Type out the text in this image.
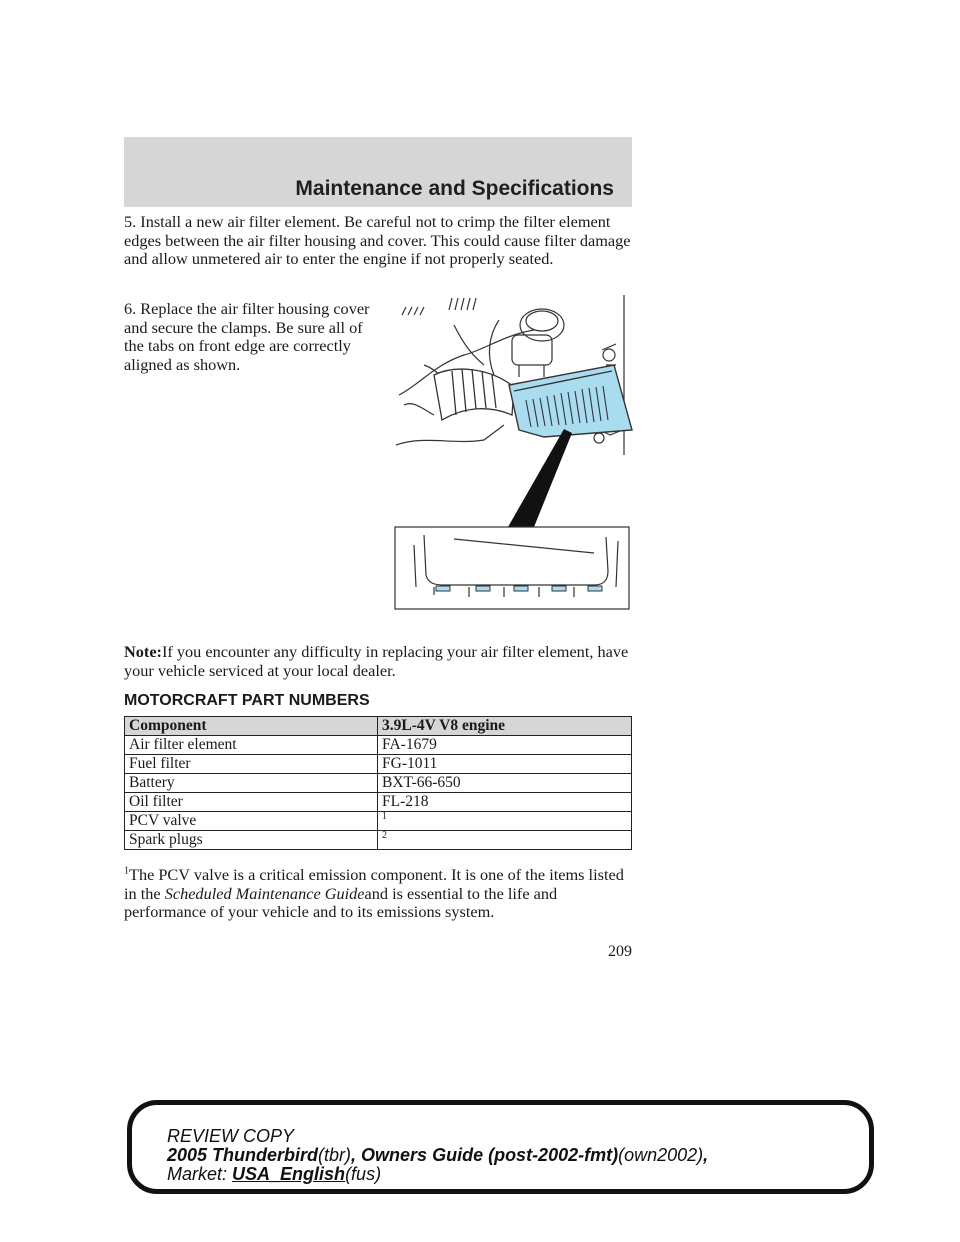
Maintenance and Specifications

5. Install a new air filter element. Be careful not to crimp the filter element edges between the air filter housing and cover. This could cause filter damage and allow unmetered air to enter the engine if not properly seated.

6. Replace the air filter housing cover and secure the clamps. Be sure all of the tabs on front edge are correctly aligned as shown.

Note:If you encounter any difficulty in replacing your air filter element, have your vehicle serviced at your local dealer.

MOTORCRAFT PART NUMBERS
Component	3.9L-4V V8 engine
Air filter element	FA-1679
Fuel filter	FG-1011
Battery	BXT-66-650
Oil filter	FL-218
PCV valve	$^1$
Spark plugs	$^2$

$^1$The PCV valve is a critical emission component. It is one of the items listed in the Scheduled Maintenance Guideand is essential to the life and performance of your vehicle and to its emissions system.

209
REVIEW COPY
2005 Thunderbird(tbr), Owners Guide (post-2002-fmt)(own2002),
Market: USA_English(fus)
